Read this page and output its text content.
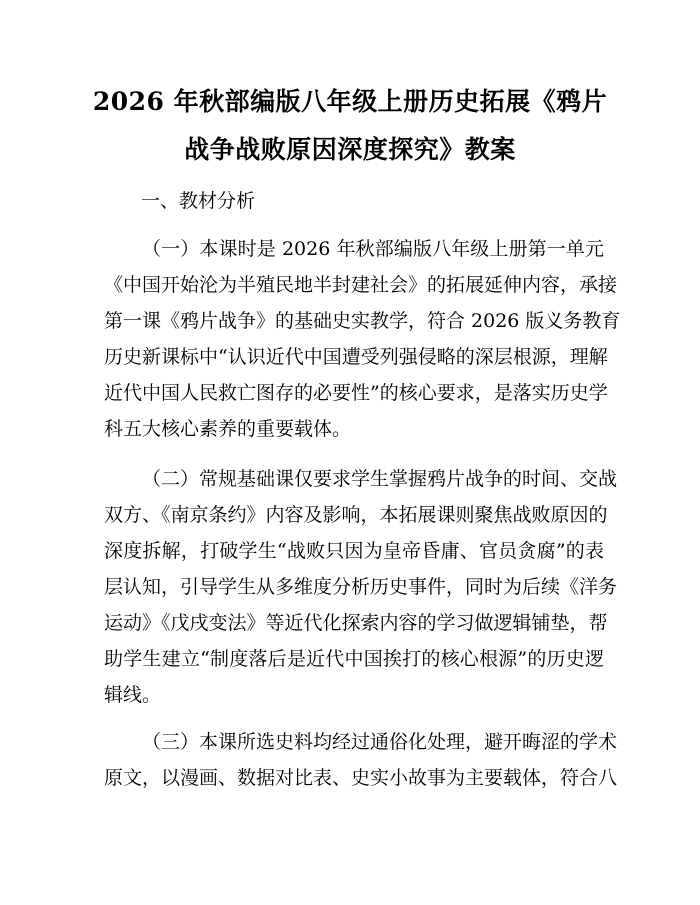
2026 年秋部编版八年级上册历史拓展《鸦片
战争战败原因深度探究》教案
一、教材分析
（一）本课时是 2026 年秋部编版八年级上册第一单元
《中国开始沦为半殖民地半封建社会》的拓展延伸内容，承接
第一课《鸦片战争》的基础史实教学，符合 2026 版义务教育
历史新课标中“认识近代中国遭受列强侵略的深层根源，理解
近代中国人民救亡图存的必要性”的核心要求，是落实历史学
科五大核心素养的重要载体。
（二）常规基础课仅要求学生掌握鸦片战争的时间、交战
双方、《南京条约》内容及影响，本拓展课则聚焦战败原因的
深度拆解，打破学生“战败只因为皇帝昏庸、官员贪腐”的表
层认知，引导学生从多维度分析历史事件，同时为后续《洋务
运动》《戊戌变法》等近代化探索内容的学习做逻辑铺垫，帮
助学生建立“制度落后是近代中国挨打的核心根源”的历史逻
辑线。
（三）本课所选史料均经过通俗化处理，避开晦涩的学术
原文，以漫画、数据对比表、史实小故事为主要载体，符合八
